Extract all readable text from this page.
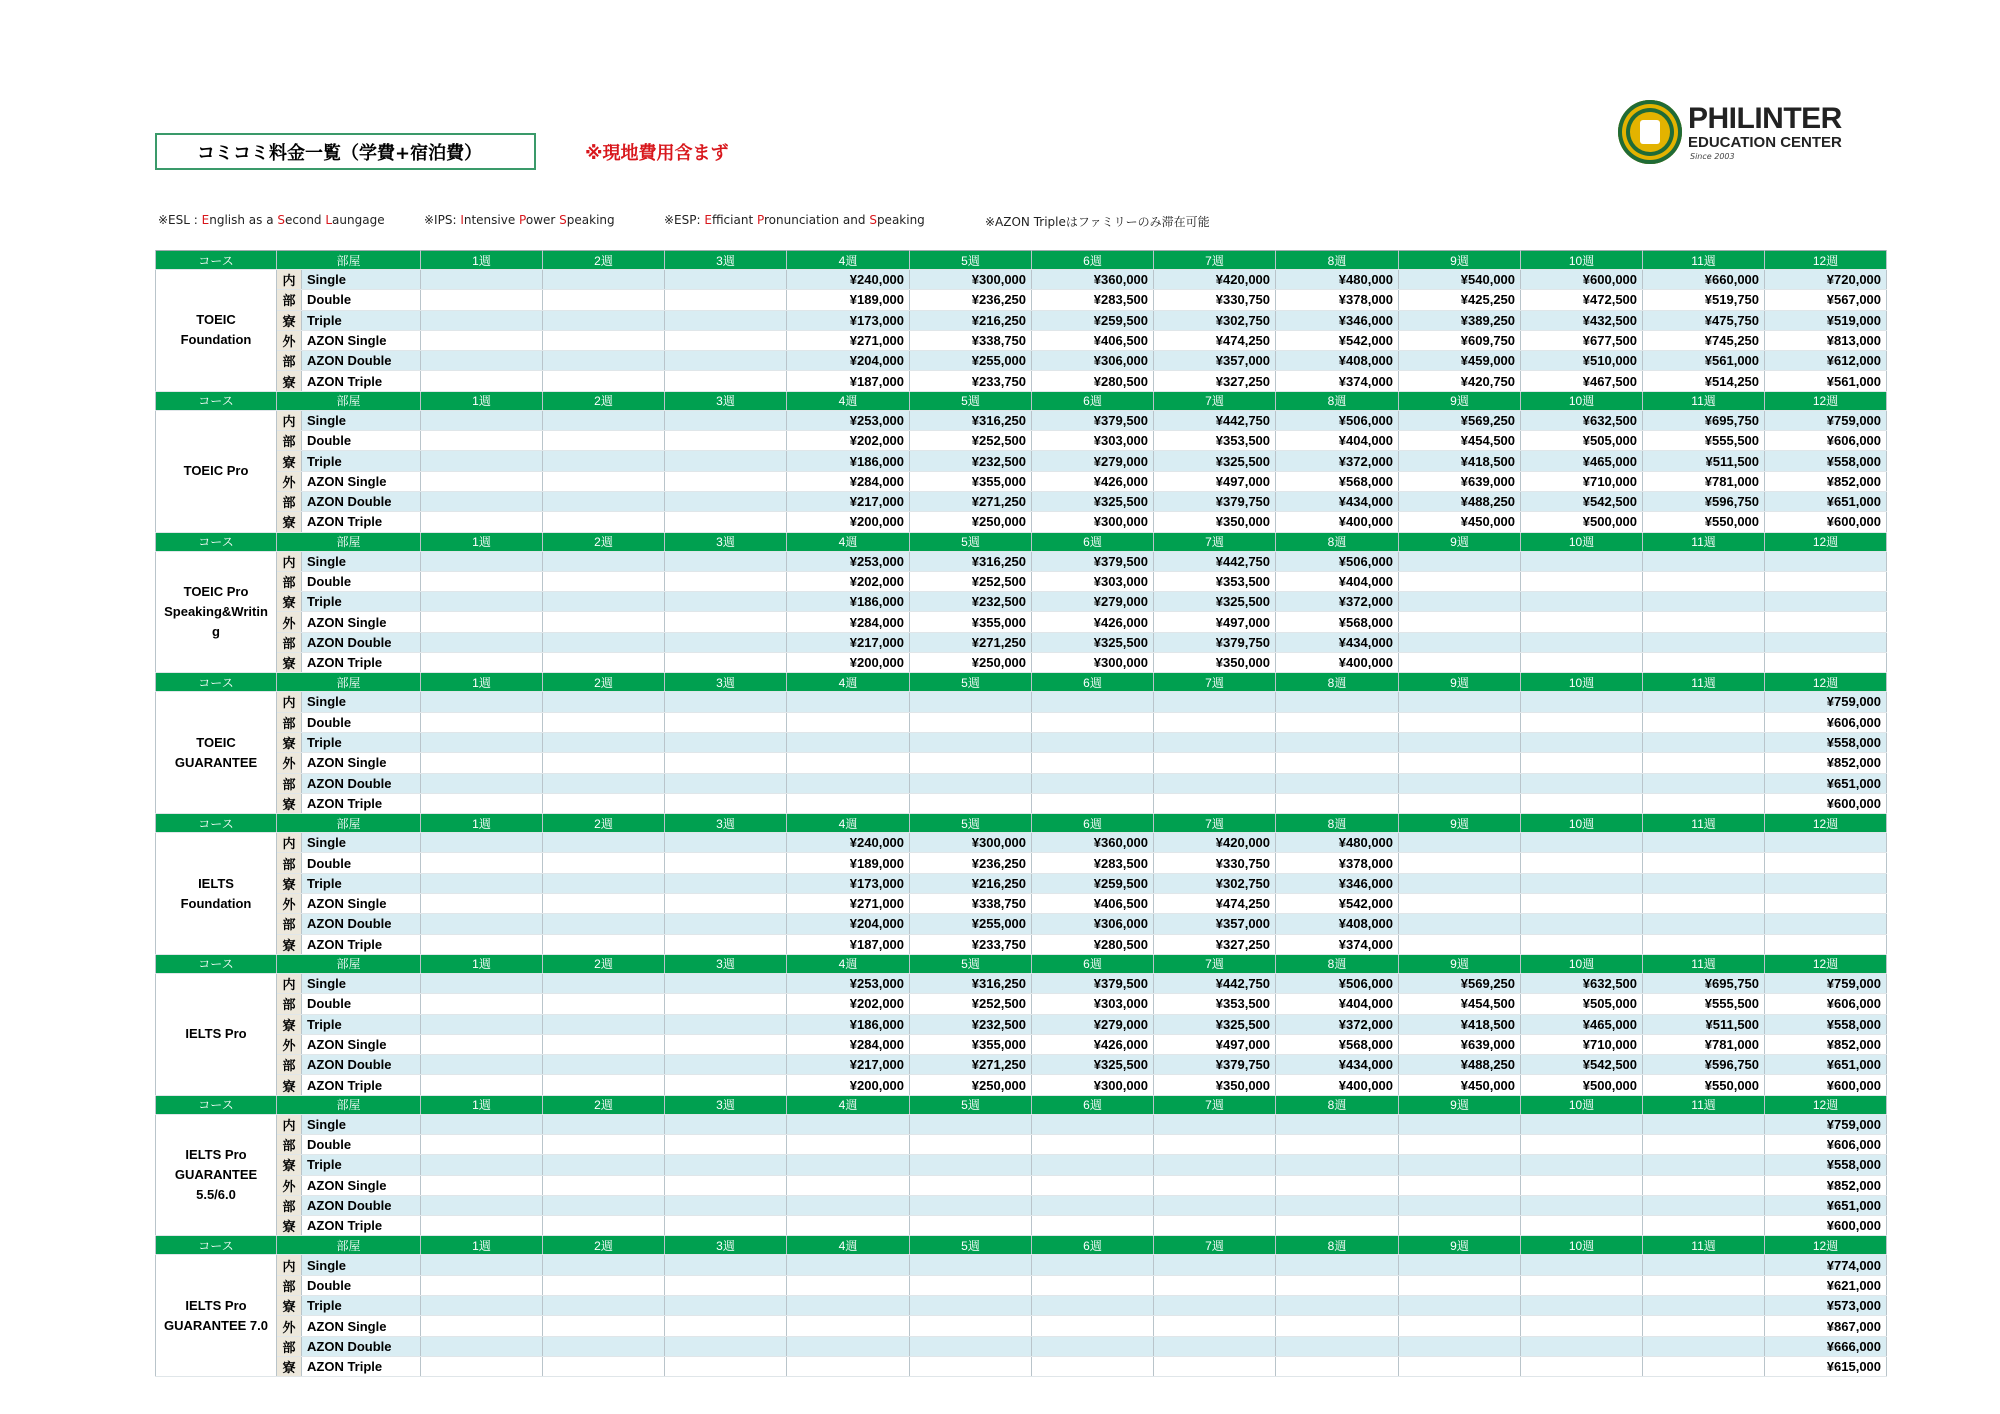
コミコミ料金一覧（学費+宿泊費）	※現地費用含まず
PHILINTER
EDUCATION CENTER
Since 2003
※ESL : English as a Second Laungage	※IPS: Intensive Power Speaking	※ESP: Efficiant Pronunciation and Speaking	※AZON Tripleはファミリーのみ滞在可能
コース	部屋		1週	2週	3週	4週	5週	6週	7週	8週	9週	10週	11週	12週
TOEIC
Foundation	内	Single				¥240,000	¥300,000	¥360,000	¥420,000	¥480,000	¥540,000	¥600,000	¥660,000	¥720,000
	部	Double				¥189,000	¥236,250	¥283,500	¥330,750	¥378,000	¥425,250	¥472,500	¥519,750	¥567,000
	寮	Triple				¥173,000	¥216,250	¥259,500	¥302,750	¥346,000	¥389,250	¥432,500	¥475,750	¥519,000
	外	AZON Single				¥271,000	¥338,750	¥406,500	¥474,250	¥542,000	¥609,750	¥677,500	¥745,250	¥813,000
	部	AZON Double				¥204,000	¥255,000	¥306,000	¥357,000	¥408,000	¥459,000	¥510,000	¥561,000	¥612,000
	寮	AZON Triple				¥187,000	¥233,750	¥280,500	¥327,250	¥374,000	¥420,750	¥467,500	¥514,250	¥561,000
コース	部屋		1週	2週	3週	4週	5週	6週	7週	8週	9週	10週	11週	12週
TOEIC Pro	内	Single				¥253,000	¥316,250	¥379,500	¥442,750	¥506,000	¥569,250	¥632,500	¥695,750	¥759,000
	部	Double				¥202,000	¥252,500	¥303,000	¥353,500	¥404,000	¥454,500	¥505,000	¥555,500	¥606,000
	寮	Triple				¥186,000	¥232,500	¥279,000	¥325,500	¥372,000	¥418,500	¥465,000	¥511,500	¥558,000
	外	AZON Single				¥284,000	¥355,000	¥426,000	¥497,000	¥568,000	¥639,000	¥710,000	¥781,000	¥852,000
	部	AZON Double				¥217,000	¥271,250	¥325,500	¥379,750	¥434,000	¥488,250	¥542,500	¥596,750	¥651,000
	寮	AZON Triple				¥200,000	¥250,000	¥300,000	¥350,000	¥400,000	¥450,000	¥500,000	¥550,000	¥600,000
コース	部屋		1週	2週	3週	4週	5週	6週	7週	8週	9週	10週	11週	12週
TOEIC Pro
Speaking&Writin
g	内	Single				¥253,000	¥316,250	¥379,500	¥442,750	¥506,000				
	部	Double				¥202,000	¥252,500	¥303,000	¥353,500	¥404,000				
	寮	Triple				¥186,000	¥232,500	¥279,000	¥325,500	¥372,000				
	外	AZON Single				¥284,000	¥355,000	¥426,000	¥497,000	¥568,000				
	部	AZON Double				¥217,000	¥271,250	¥325,500	¥379,750	¥434,000				
	寮	AZON Triple				¥200,000	¥250,000	¥300,000	¥350,000	¥400,000				
コース	部屋		1週	2週	3週	4週	5週	6週	7週	8週	9週	10週	11週	12週
TOEIC
GUARANTEE	内	Single												¥759,000
	部	Double												¥606,000
	寮	Triple												¥558,000
	外	AZON Single												¥852,000
	部	AZON Double												¥651,000
	寮	AZON Triple												¥600,000
コース	部屋		1週	2週	3週	4週	5週	6週	7週	8週	9週	10週	11週	12週
IELTS
Foundation	内	Single				¥240,000	¥300,000	¥360,000	¥420,000	¥480,000				
	部	Double				¥189,000	¥236,250	¥283,500	¥330,750	¥378,000				
	寮	Triple				¥173,000	¥216,250	¥259,500	¥302,750	¥346,000				
	外	AZON Single				¥271,000	¥338,750	¥406,500	¥474,250	¥542,000				
	部	AZON Double				¥204,000	¥255,000	¥306,000	¥357,000	¥408,000				
	寮	AZON Triple				¥187,000	¥233,750	¥280,500	¥327,250	¥374,000				
コース	部屋		1週	2週	3週	4週	5週	6週	7週	8週	9週	10週	11週	12週
IELTS Pro	内	Single				¥253,000	¥316,250	¥379,500	¥442,750	¥506,000	¥569,250	¥632,500	¥695,750	¥759,000
	部	Double				¥202,000	¥252,500	¥303,000	¥353,500	¥404,000	¥454,500	¥505,000	¥555,500	¥606,000
	寮	Triple				¥186,000	¥232,500	¥279,000	¥325,500	¥372,000	¥418,500	¥465,000	¥511,500	¥558,000
	外	AZON Single				¥284,000	¥355,000	¥426,000	¥497,000	¥568,000	¥639,000	¥710,000	¥781,000	¥852,000
	部	AZON Double				¥217,000	¥271,250	¥325,500	¥379,750	¥434,000	¥488,250	¥542,500	¥596,750	¥651,000
	寮	AZON Triple				¥200,000	¥250,000	¥300,000	¥350,000	¥400,000	¥450,000	¥500,000	¥550,000	¥600,000
コース	部屋		1週	2週	3週	4週	5週	6週	7週	8週	9週	10週	11週	12週
IELTS Pro
GUARANTEE
5.5/6.0	内	Single												¥759,000
	部	Double												¥606,000
	寮	Triple												¥558,000
	外	AZON Single												¥852,000
	部	AZON Double												¥651,000
	寮	AZON Triple												¥600,000
コース	部屋		1週	2週	3週	4週	5週	6週	7週	8週	9週	10週	11週	12週
IELTS Pro
GUARANTEE 7.0	内	Single												¥774,000
	部	Double												¥621,000
	寮	Triple												¥573,000
	外	AZON Single												¥867,000
	部	AZON Double												¥666,000
	寮	AZON Triple												¥615,000
